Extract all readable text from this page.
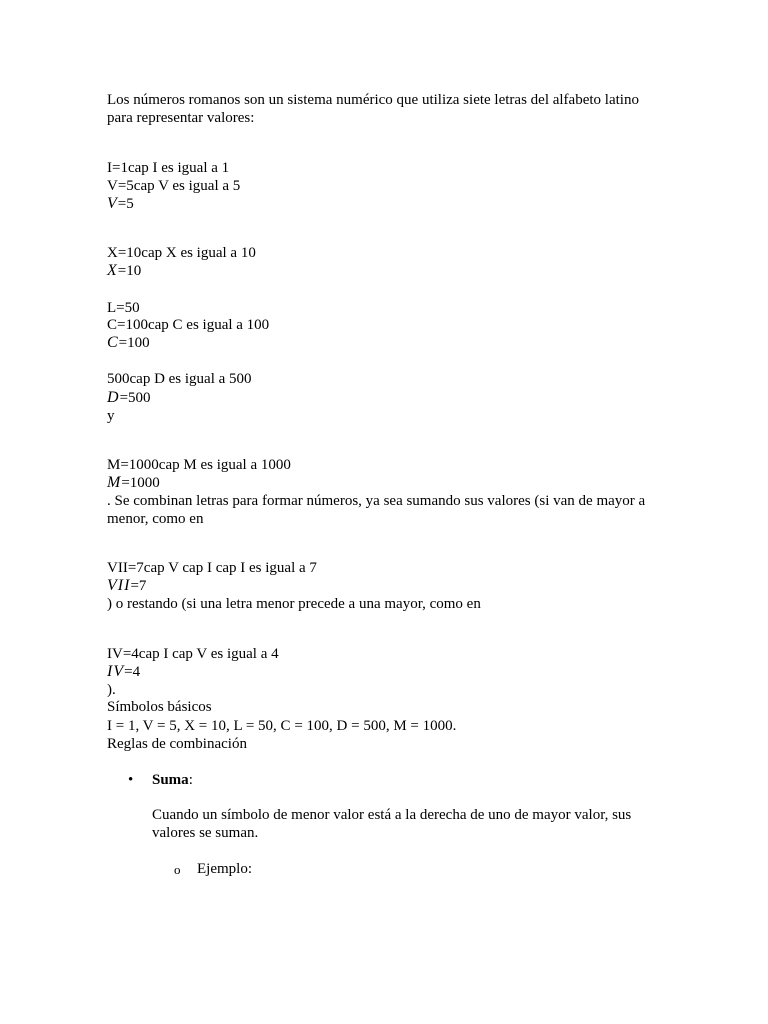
Los números romanos son un sistema numérico que utiliza siete letras del alfabeto latino para representar valores:
I=1cap I es igual a 1
V=5cap V es igual a 5
V=5
X=10cap X es igual a 10
X=10
L=50
C=100cap C es igual a 100
C=100
500cap D es igual a 500
D=500
y
M=1000cap M es igual a 1000
M=1000
. Se combinan letras para formar números, ya sea sumando sus valores (si van de mayor a menor, como en
VII=7cap V cap I cap I es igual a 7
VII=7
) o restando (si una letra menor precede a una mayor, como en
IV=4cap I cap V es igual a 4
IV=4
).
Símbolos básicos
I = 1, V = 5, X = 10, L = 50, C = 100, D = 500, M = 1000.
Reglas de combinación
• Suma:
Cuando un símbolo de menor valor está a la derecha de uno de mayor valor, sus valores se suman.
o Ejemplo:
